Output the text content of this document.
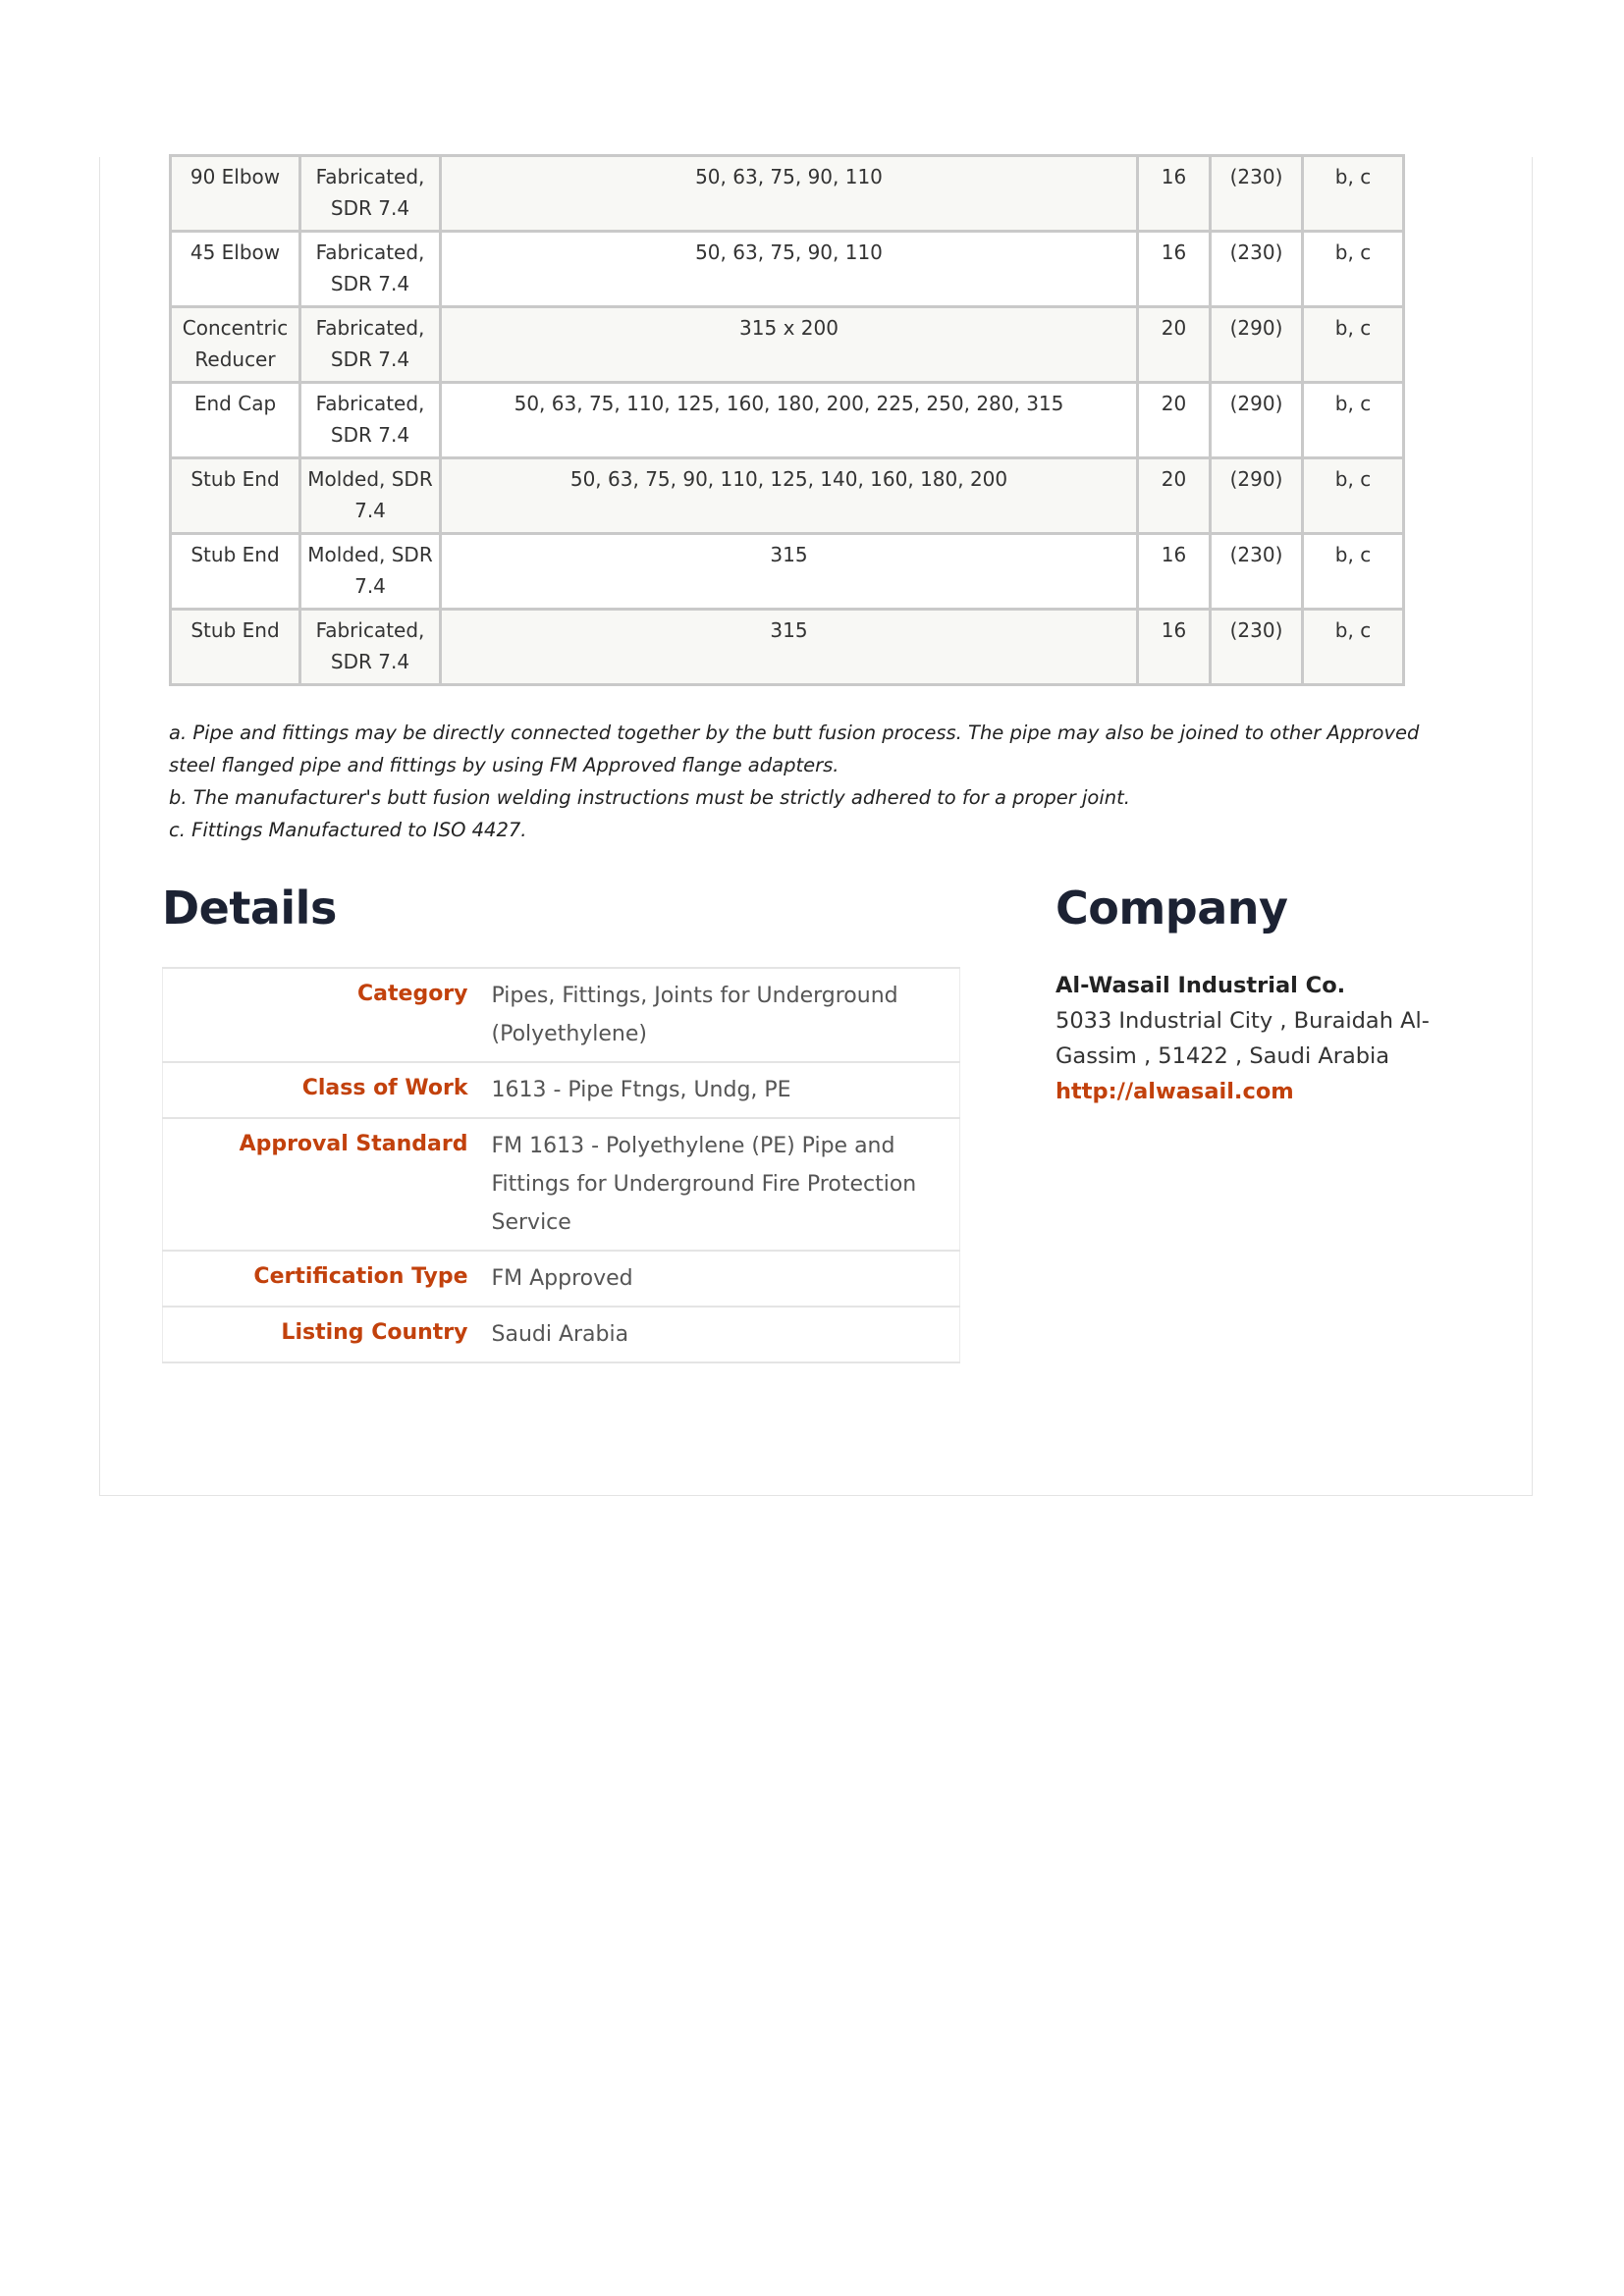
90 Elbow	Fabricated, SDR 7.4	50, 63, 75, 90, 110	16	(230)	b, c
45 Elbow	Fabricated, SDR 7.4	50, 63, 75, 90, 110	16	(230)	b, c
Concentric Reducer	Fabricated, SDR 7.4	315 x 200	20	(290)	b, c
End Cap	Fabricated, SDR 7.4	50, 63, 75, 110, 125, 160, 180, 200, 225, 250, 280, 315	20	(290)	b, c
Stub End	Molded, SDR 7.4	50, 63, 75, 90, 110, 125, 140, 160, 180, 200	20	(290)	b, c
Stub End	Molded, SDR 7.4	315	16	(230)	b, c
Stub End	Fabricated, SDR 7.4	315	16	(230)	b, c

a. Pipe and fittings may be directly connected together by the butt fusion process. The pipe may also be joined to other Approved steel flanged pipe and fittings by using FM Approved flange adapters.

b. The manufacturer's butt fusion welding instructions must be strictly adhered to for a proper joint.

c. Fittings Manufactured to ISO 4427.

Details
Category	Pipes, Fittings, Joints for Underground (Polyethylene)
Class of Work	1613 - Pipe Ftngs, Undg, PE
Approval Standard	FM 1613 - Polyethylene (PE) Pipe and Fittings for Underground Fire Protection Service
Certification Type	FM Approved
Listing Country	Saudi Arabia
Company
Al-Wasail Industrial Co.
5033 Industrial City , Buraidah Al-Gassim , 51422 , Saudi Arabia
http://alwasail.com
